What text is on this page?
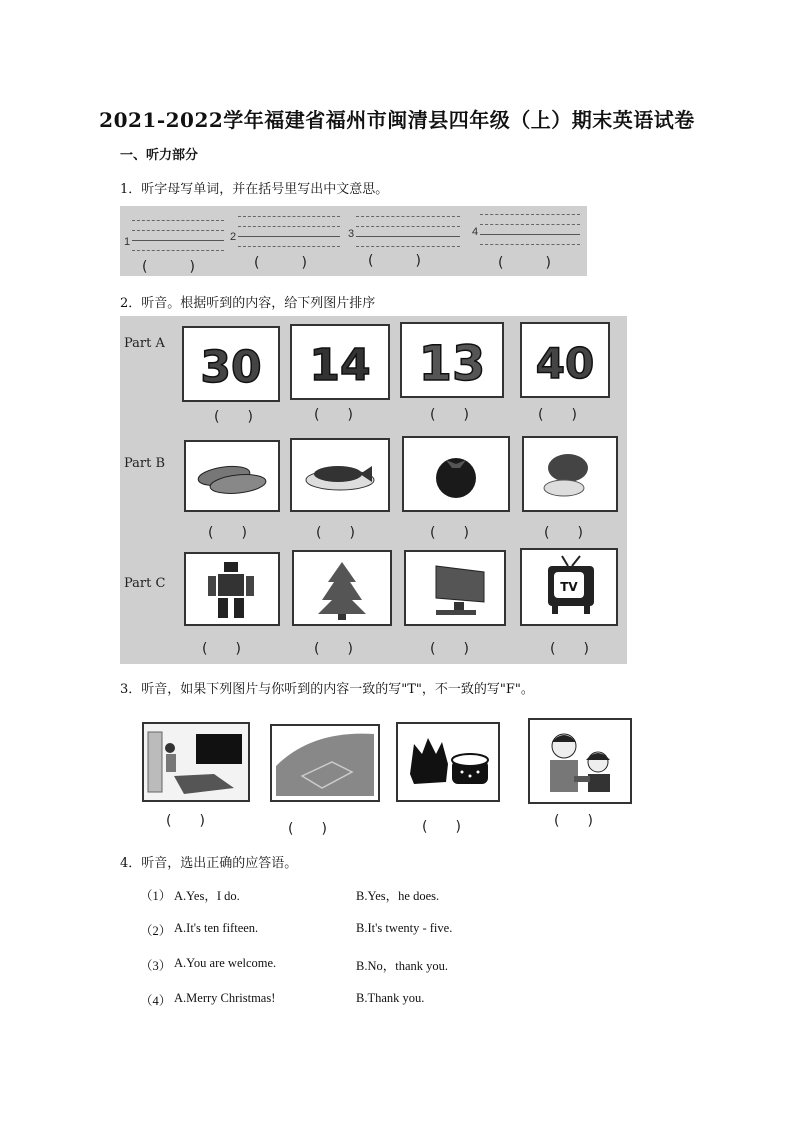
2021-2022学年福建省福州市闽清县四年级（上）期末英语试卷
一、听力部分
1．听字母写单词，并在括号里写出中文意思。
1	2	3	4
(　　　)	(　　　)	(　　　)	(　　　)
2．听音。根据听到的内容，给下列图片排序
Part A 30 14 13 40
(　　)	(　　)	(　　)	(　　)
Part B
(　　)	(　　)	(　　)	(　　)
Part C	TV
(　　)	(　　)	(　　)	(　　)
3．听音，如果下列图片与你听到的内容一致的写"T"，不一致的写"F"。
(　　)	(　　)	(　　)	(　　)
4．听音，选出正确的应答语。
（1） A.Yes，I do.	B.Yes，he does.
（2） A.It's ten fifteen.	B.It's twenty - five.
（3） A.You are welcome.	B.No，thank you.
（4） A.Merry Christmas!	B.Thank you.
